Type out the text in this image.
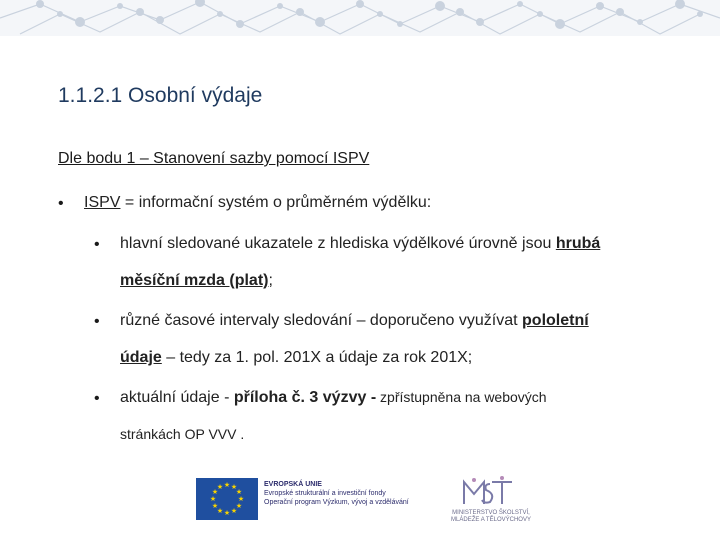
1.1.2.1 Osobní výdaje
Dle bodu 1 – Stanovení sazby pomocí ISPV
• ISPV = informační systém o průměrném výdělku:
• hlavní sledované ukazatele z hlediska výdělkové úrovně jsou hrubá
měsíční mzda (plat);
• různé časové intervaly sledování – doporučeno využívat pololetní
údaje – tedy za 1. pol. 201X a údaje za rok 201X;
• aktuální údaje - příloha č. 3 výzvy - zpřístupněna na webových
stránkách OP VVV .
★ ★
★
★
★
★
★
★
★
★
★
★	EVROPSKÁ UNIE
Evropské strukturální a investiční fondy
Operační program Výzkum, vývoj a vzdělávání
MINISTERSTVO ŠKOLSTVÍ,
MLÁDEŽE A TĚLOVÝCHOVY
